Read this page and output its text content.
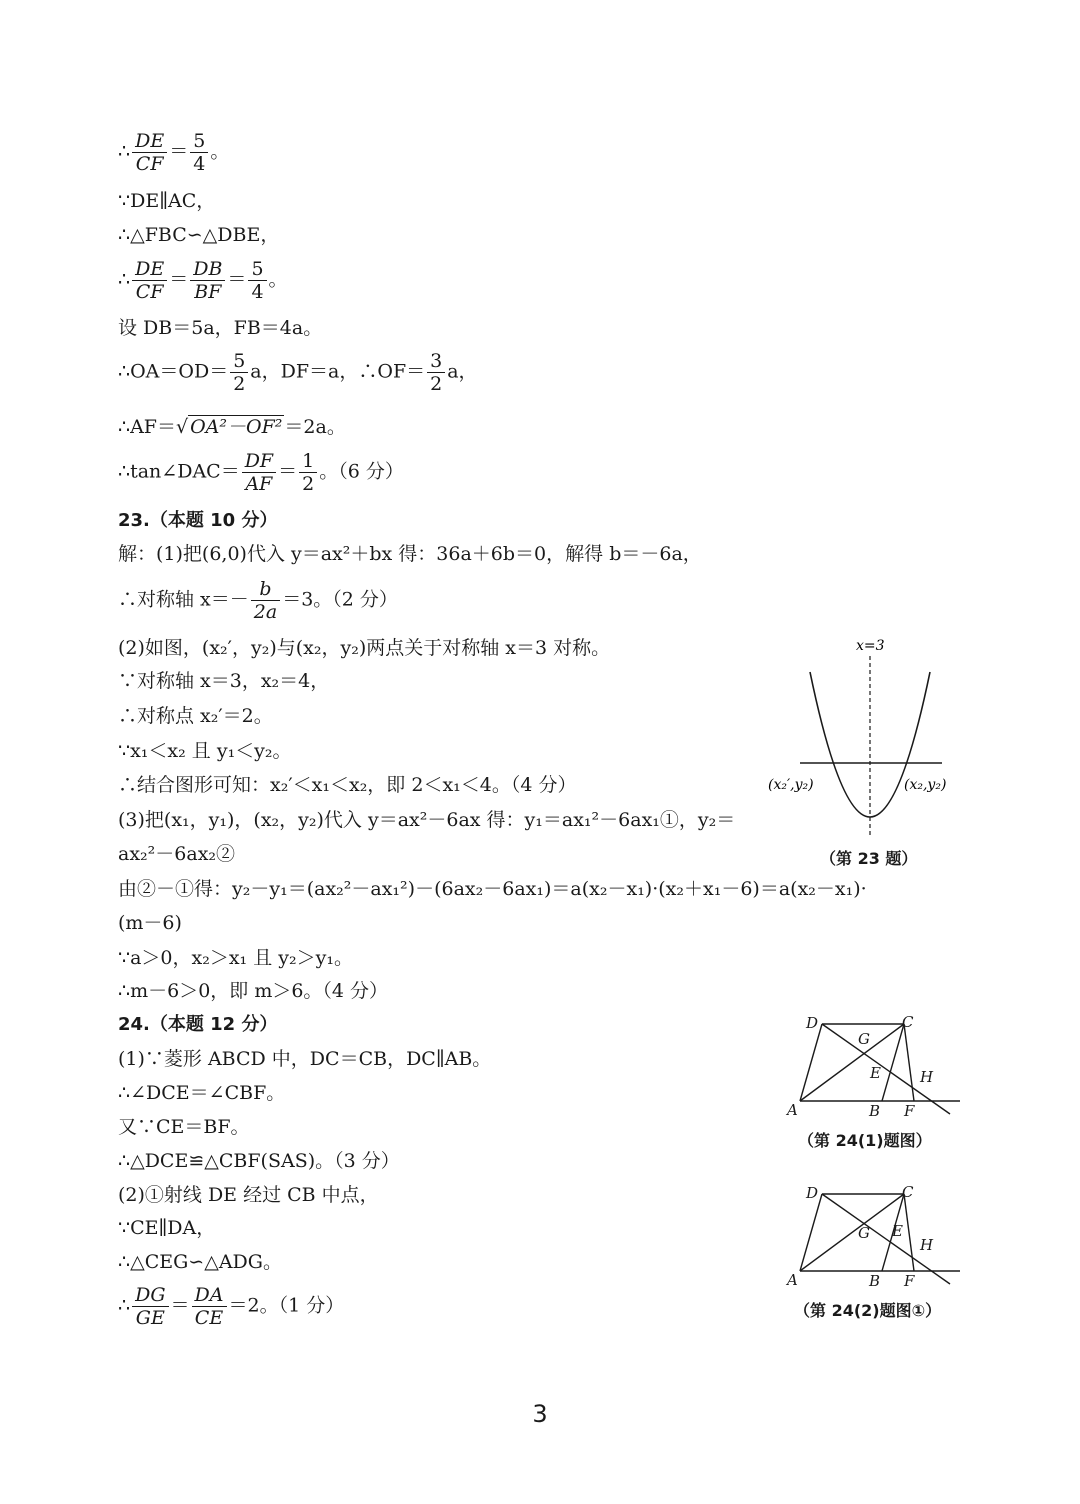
∴ $\frac{DE}{CF} = \frac{5}{4}$ 。
∵DE∥AC，
∴△FBC∽△DBE，
∴ $\frac{DE}{CF} = \frac{DB}{BF} = \frac{5}{4}$ 。
设 DB＝5a，FB＝4a。
∴OA＝OD＝ $\frac{5}{2}$ a，DF＝a，∴OF＝ $\frac{3}{2}$ a，
∴AF＝√ OA²－OF² ＝2a。
∴tan∠DAC＝ $\frac{DF}{AF} = \frac{1}{2}$ 。（6 分）
23.（本题 10 分）
解：(1)把(6,0)代入 y＝ax²＋bx 得：36a＋6b＝0，解得 b＝－6a，
∴对称轴 $x=- \frac{b}{2a} =3$。（2 分）
(2)如图，(x₂′，y₂)与(x₂，y₂)两点关于对称轴 x＝3 对称。
∵对称轴 x＝3，x₂＝4，
∴对称点 x₂′＝2。
∵x₁＜x₂ 且 y₁＜y₂。
∴结合图形可知：x₂′＜x₁＜x₂，即 2＜x₁＜4。（4 分）
(3)把(x₁，y₁)，(x₂，y₂)代入 y＝ax²－6ax 得：y₁＝ax₁²－6ax₁①，y₂＝
ax₂²－6ax₂②
由②－①得：y₂－y₁＝(ax₂²－ax₁²)－(6ax₂－6ax₁)＝a(x₂－x₁)·(x₂＋x₁－6)＝a(x₂－x₁)·
(m－6)
∵a＞0，x₂＞x₁ 且 y₂＞y₁。
∴m－6＞0，即 m＞6。（4 分）
x=3
(x₂′,y₂)	(x₂,y₂)
（第 23 题）
24.（本题 12 分）
(1)∵菱形 ABCD 中，DC＝CB，DC∥AB。
∴∠DCE＝∠CBF。
又∵CE＝BF。
∴△DCE≌△CBF(SAS)。（3 分）
(2)①射线 DE 经过 CB 中点，
∵CE∥DA，
∴△CEG∽△ADG。
∴ $\frac{DG}{GE} = \frac{DA}{CE} =2$。（1 分）
D	C
G
E	H
A	B F
（第 24(1)题图）
D	C
G E
H
A	B F
（第 24(2)题图①）
3
